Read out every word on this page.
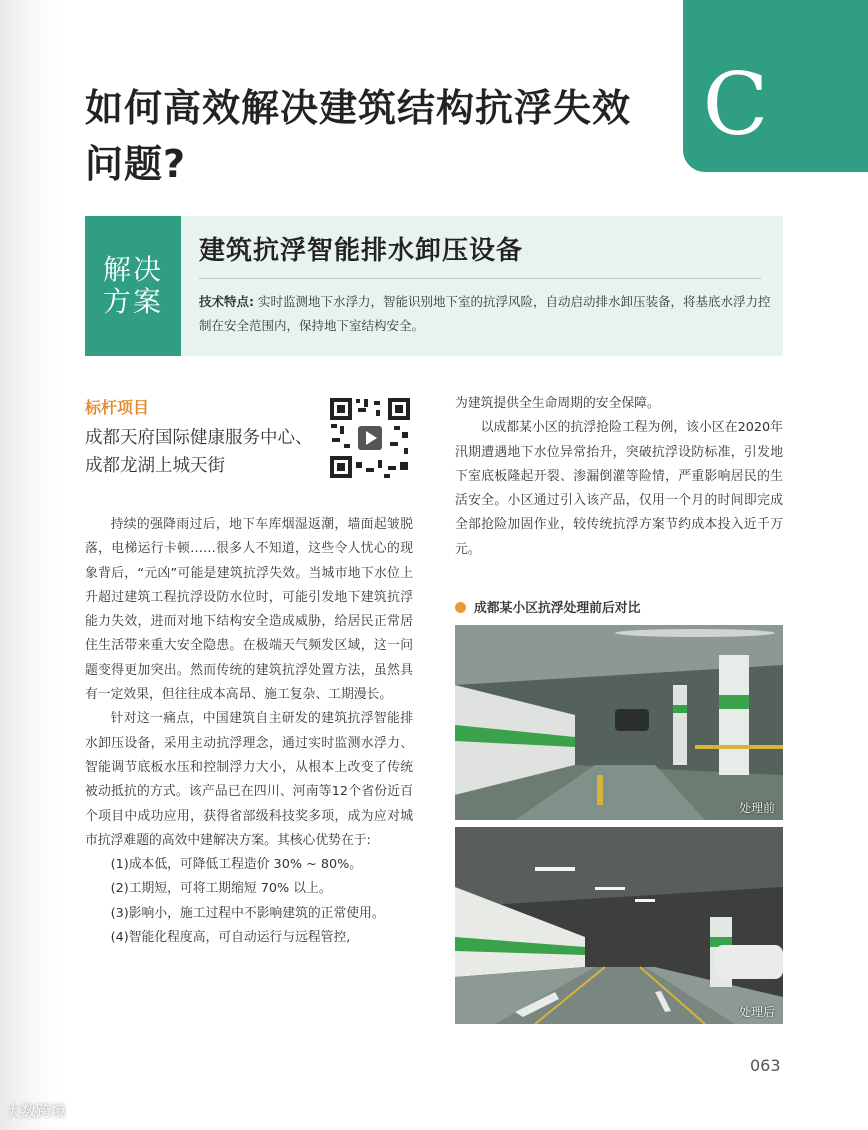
C
如何高效解决建筑结构抗浮失效问题?
解决
方案
建筑抗浮智能排水卸压设备
技术特点: 实时监测地下水浮力，智能识别地下室的抗浮风险，自动启动排水卸压装备，将基底水浮力控制在安全范围内，保持地下室结构安全。
标杆项目
成都天府国际健康服务中心、成都龙湖上城天街

持续的强降雨过后，地下车库烟湿返潮，墙面起皱脱落，电梯运行卡顿……很多人不知道，这些令人忧心的现象背后，“元凶”可能是建筑抗浮失效。当城市地下水位上升超过建筑工程抗浮设防水位时，可能引发地下建筑抗浮能力失效，进而对地下结构安全造成威胁，给居民正常居住生活带来重大安全隐患。在极端天气频发区域，这一问题变得更加突出。然而传统的建筑抗浮处置方法，虽然具有一定效果，但往往成本高昂、施工复杂、工期漫长。

针对这一痛点，中国建筑自主研发的建筑抗浮智能排水卸压设备，采用主动抗浮理念，通过实时监测水浮力、智能调节底板水压和控制浮力大小，从根本上改变了传统被动抵抗的方式。该产品已在四川、河南等12个省份近百个项目中成功应用，获得省部级科技奖多项，成为应对城市抗浮难题的高效中建解决方案。其核心优势在于:

(1)成本低，可降低工程造价 30% ~ 80%。

(2)工期短，可将工期缩短 70% 以上。

(3)影响小，施工过程中不影响建筑的正常使用。

(4)智能化程度高，可自动运行与远程管控,

为建筑提供全生命周期的安全保障。

以成都某小区的抗浮抢险工程为例，该小区在2020年汛期遭遇地下水位异常抬升，突破抗浮设防标准，引发地下室底板隆起开裂、渗漏倒灌等险情，严重影响居民的生活安全。小区通过引入该产品，仅用一个月的时间即完成全部抢险加固作业，较传统抗浮方案节约成本投入近千万元。

成都某小区抗浮处理前后对比
处理前
处理后
063
大数跨境
